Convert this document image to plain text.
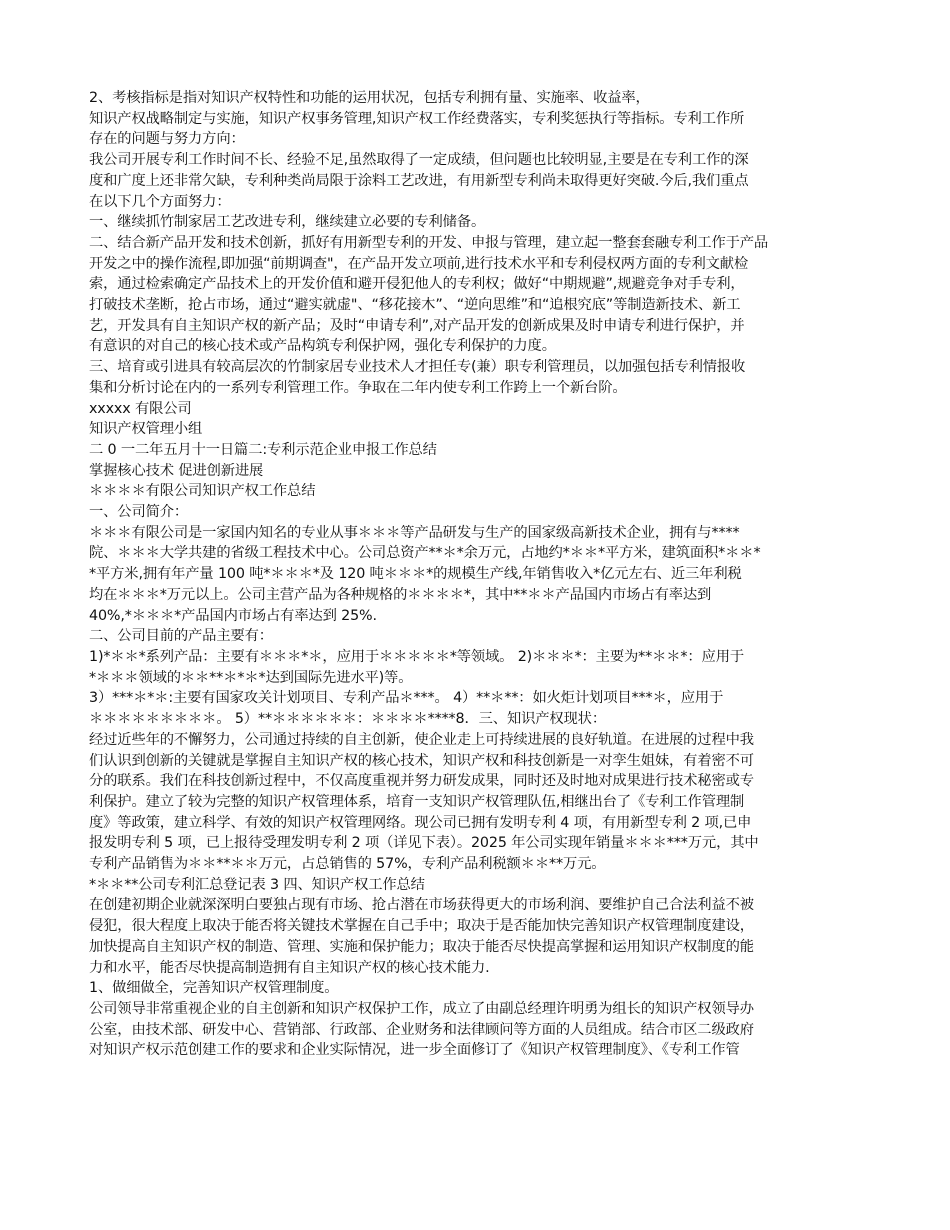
2、考核指标是指对知识产权特性和功能的运用状况，包括专利拥有量、实施率、收益率，
知识产权战略制定与实施，知识产权事务管理,知识产权工作经费落实，专利奖惩执行等指标。专利工作所
存在的问题与努力方向：
我公司开展专利工作时间不长、经验不足,虽然取得了一定成绩，但问题也比较明显,主要是在专利工作的深
度和广度上还非常欠缺，专利种类尚局限于涂料工艺改进，有用新型专利尚未取得更好突破.今后,我们重点
在以下几个方面努力：
一、继续抓竹制家居工艺改进专利，继续建立必要的专利储备。
二、结合新产品开发和技术创新，抓好有用新型专利的开发、申报与管理，建立起一整套套融专利工作于产品
开发之中的操作流程,即加强“前期调查"，在产品开发立项前,进行技术水平和专利侵权两方面的专利文献检
索，通过检索确定产品技术上的开发价值和避开侵犯他人的专利权；做好“中期规避”,规避竞争对手专利，
打破技术垄断，抢占市场，通过“避实就虚"、“移花接木”、“逆向思维”和“追根究底”等制造新技术、新工
艺，开发具有自主知识产权的新产品；及时“申请专利”,对产品开发的创新成果及时申请专利进行保护，并
有意识的对自己的核心技术或产品构筑专利保护网，强化专利保护的力度。
三、培育或引进具有较高层次的竹制家居专业技术人才担任专(兼）职专利管理员，以加强包括专利情报收
集和分析讨论在内的一系列专利管理工作。争取在二年内使专利工作跨上一个新台阶。
xxxxx 有限公司
知识产权管理小组
二 0 一二年五月十一日篇二:专利示范企业申报工作总结
掌握核心技术 促进创新进展
＊＊＊＊有限公司知识产权工作总结
一、公司简介：
＊＊＊有限公司是一家国内知名的专业从事＊＊＊等产品研发与生产的国家级高新技术企业，拥有与****
院、＊＊＊大学共建的省级工程技术中心。公司总资产**＊*余万元，占地约*＊＊*平方米，建筑面积*＊＊*
*平方米,拥有年产量 100 吨*＊＊＊*及 120 吨＊＊＊*的规模生产线,年销售收入*亿元左右、近三年利税
均在＊＊＊*万元以上。公司主营产品为各种规格的＊＊＊＊*，其中**＊＊产品国内市场占有率达到
40%,*＊＊＊*产品国内市场占有率达到 25%.
二、公司目前的产品主要有：
1)*＊＊*系列产品：主要有＊＊＊*＊，应用于＊＊＊＊＊*等领域。 2)＊＊＊*：主要为**＊＊*：应用于
*＊＊＊领域的＊＊**＊*＊*达到国际先进水平)等。
3）***＊*＊:主要有国家攻关计划项目、专利产品＊***。 4）**＊**：如火炬计划项目***＊，应用于
＊＊＊＊＊＊＊＊＊。 5）**＊＊＊＊＊＊：＊＊＊＊****8．三、知识产权现状：
经过近些年的不懈努力，公司通过持续的自主创新，使企业走上可持续进展的良好轨道。在进展的过程中我
们认识到创新的关键就是掌握自主知识产权的核心技术，知识产权和科技创新是一对孪生姐妹，有着密不可
分的联系。我们在科技创新过程中，不仅高度重视并努力研发成果，同时还及时地对成果进行技术秘密或专
利保护。建立了较为完整的知识产权管理体系，培育一支知识产权管理队伍,相继出台了《专利工作管理制
度》等政策，建立科学、有效的知识产权管理网络。现公司已拥有发明专利 4 项，有用新型专利 2 项,已申
报发明专利 5 项，已上报待受理发明专利 2 项（详见下表）。2025 年公司实现年销量＊＊＊***万元，其中
专利产品销售为＊＊**＊＊万元，占总销售的 57%，专利产品利税额＊＊**万元。
*＊＊**公司专利汇总登记表 3 四、知识产权工作总结
在创建初期企业就深深明白要独占现有市场、抢占潜在市场获得更大的市场利润、要维护自己合法利益不被
侵犯，很大程度上取决于能否将关键技术掌握在自己手中；取决于是否能加快完善知识产权管理制度建设，
加快提高自主知识产权的制造、管理、实施和保护能力；取决于能否尽快提高掌握和运用知识产权制度的能
力和水平，能否尽快提高制造拥有自主知识产权的核心技术能力.
1、做细做全，完善知识产权管理制度。
公司领导非常重视企业的自主创新和知识产权保护工作，成立了由副总经理许明勇为组长的知识产权领导办
公室，由技术部、研发中心、营销部、行政部、企业财务和法律顾问等方面的人员组成。结合市区二级政府
对知识产权示范创建工作的要求和企业实际情况，进一步全面修订了《知识产权管理制度》、《专利工作管
